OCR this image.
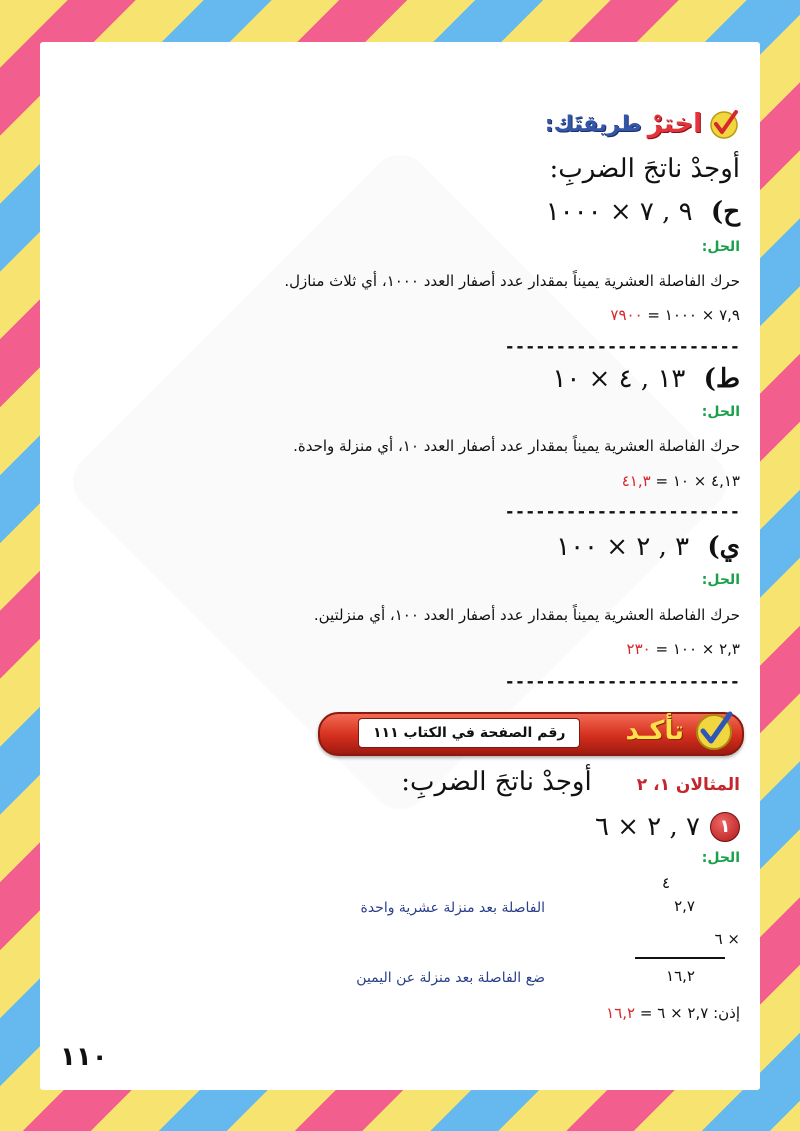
اخترْ
طريقتَك:
أوجدْ ناتجَ الضربِ:
ح) ٩ , ٧ × ١٠٠٠
الحل:
حرك الفاصلة العشرية يميناً بمقدار عدد أصفار العدد ١٠٠٠، أي ثلاث منازل.
٧,٩ × ١٠٠٠ = ٧٩٠٠
-----------------------
ط) ١٣ , ٤ × ١٠
الحل:
حرك الفاصلة العشرية يميناً بمقدار عدد أصفار العدد ١٠، أي منزلة واحدة.
٤,١٣ × ١٠ = ٤١,٣
-----------------------
ي) ٣ , ٢ × ١٠٠
الحل:
حرك الفاصلة العشرية يميناً بمقدار عدد أصفار العدد ١٠٠، أي منزلتين.
٢,٣ × ١٠٠ = ٢٣٠
-----------------------
تأكـد
رقم الصفحة في الكتاب ١١١
المثالان ١، ٢ أوجدْ ناتجَ الضربِ:
١
٧ , ٢ × ٦
الحل:
٤
٢,٧
× ٦
١٦,٢
الفاصلة بعد منزلة عشرية واحدة
ضع الفاصلة بعد منزلة عن اليمين
إذن: ٢,٧ × ٦ = ١٦,٢
١١٠
